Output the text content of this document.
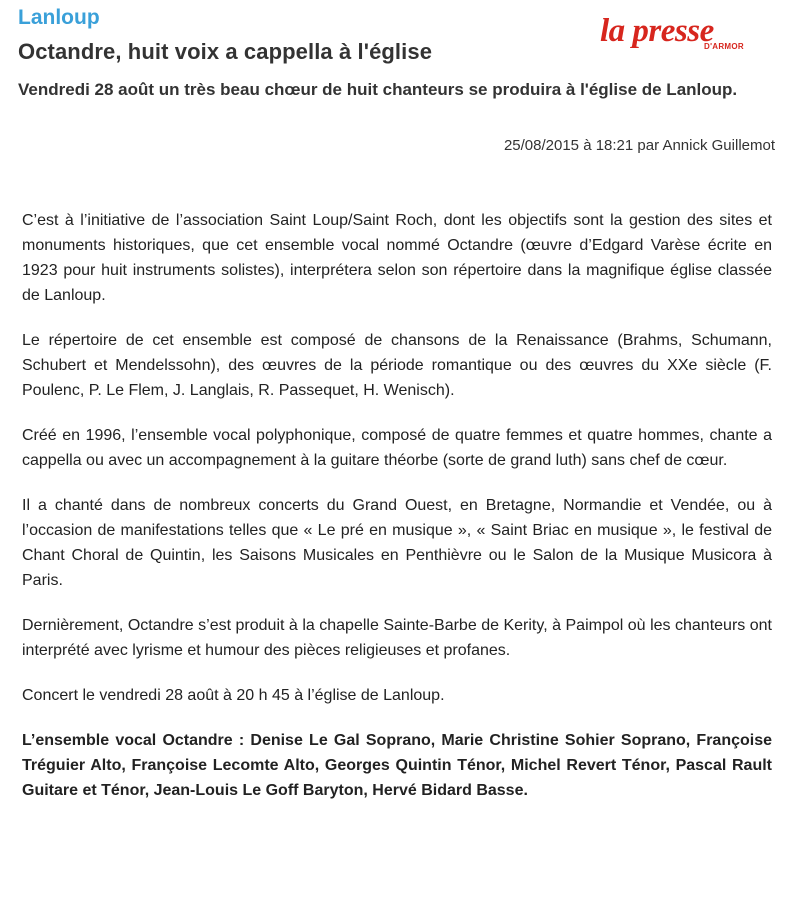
Lanloup	la presse
D'ARMOR
Octandre, huit voix a cappella à l'église

Vendredi 28 août un très beau chœur de huit chanteurs se produira à l'église de Lanloup.

25/08/2015 à 18:21 par Annick Guillemot

C’est à l’initiative de l’association Saint Loup/Saint Roch, dont les objectifs sont la gestion des sites et monuments historiques, que cet ensemble vocal nommé Octandre (œuvre d’Edgard Varèse écrite en 1923 pour huit instruments solistes), interprétera selon son répertoire dans la magnifique église classée de Lanloup.

Le répertoire de cet ensemble est composé de chansons de la Renaissance (Brahms, Schumann, Schubert et Mendelssohn), des œuvres de la période romantique ou des œuvres du XXe siècle (F. Poulenc, P. Le Flem, J. Langlais, R. Passequet, H. Wenisch).

Créé en 1996, l’ensemble vocal polyphonique, composé de quatre femmes et quatre hommes, chante a cappella ou avec un accompagnement à la guitare théorbe (sorte de grand luth) sans chef de cœur.

Il a chanté dans de nombreux concerts du Grand Ouest, en Bretagne, Normandie et Vendée, ou à l’occasion de manifestations telles que « Le pré en musique », « Saint Briac en musique », le festival de Chant Choral de Quintin, les Saisons Musicales en Penthièvre ou le Salon de la Musique Musicora à Paris.

Dernièrement, Octandre s’est produit à la chapelle Sainte-Barbe de Kerity, à Paimpol où les chanteurs ont interprété avec lyrisme et humour des pièces religieuses et profanes.

Concert le vendredi 28 août à 20 h 45 à l’église de Lanloup.

L’ensemble vocal Octandre : Denise Le Gal Soprano, Marie Christine Sohier Soprano, Françoise Tréguier Alto, Françoise Lecomte Alto, Georges Quintin Ténor, Michel Revert Ténor, Pascal Rault Guitare et Ténor, Jean-Louis Le Goff Baryton, Hervé Bidard Basse.
